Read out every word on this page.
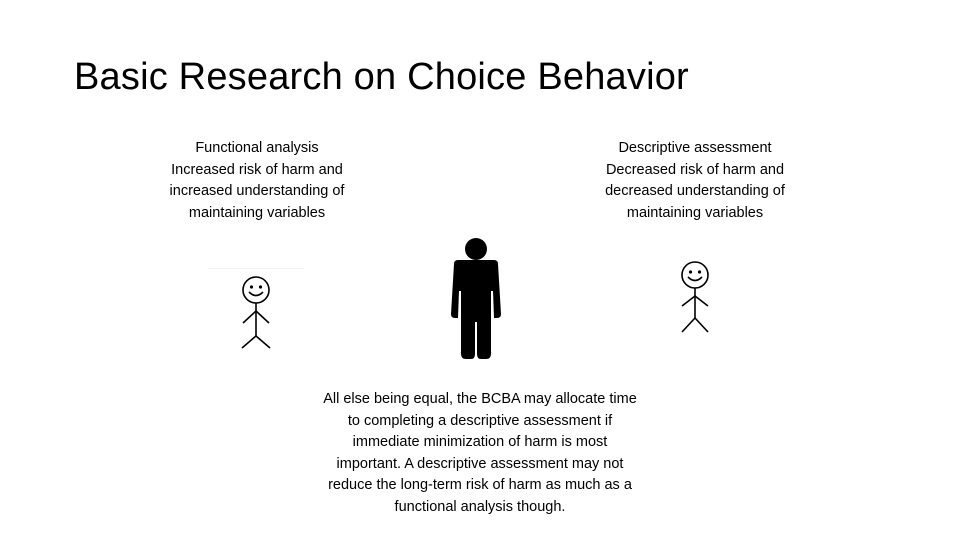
Basic Research on Choice Behavior
Functional analysis
Increased risk of harm and
increased understanding of
maintaining variables
Descriptive assessment
Decreased risk of harm and
decreased understanding of
maintaining variables
All else being equal, the BCBA may allocate time
to completing a descriptive assessment if
immediate minimization of harm is most
important. A descriptive assessment may not
reduce the long-term risk of harm as much as a
functional analysis though.
